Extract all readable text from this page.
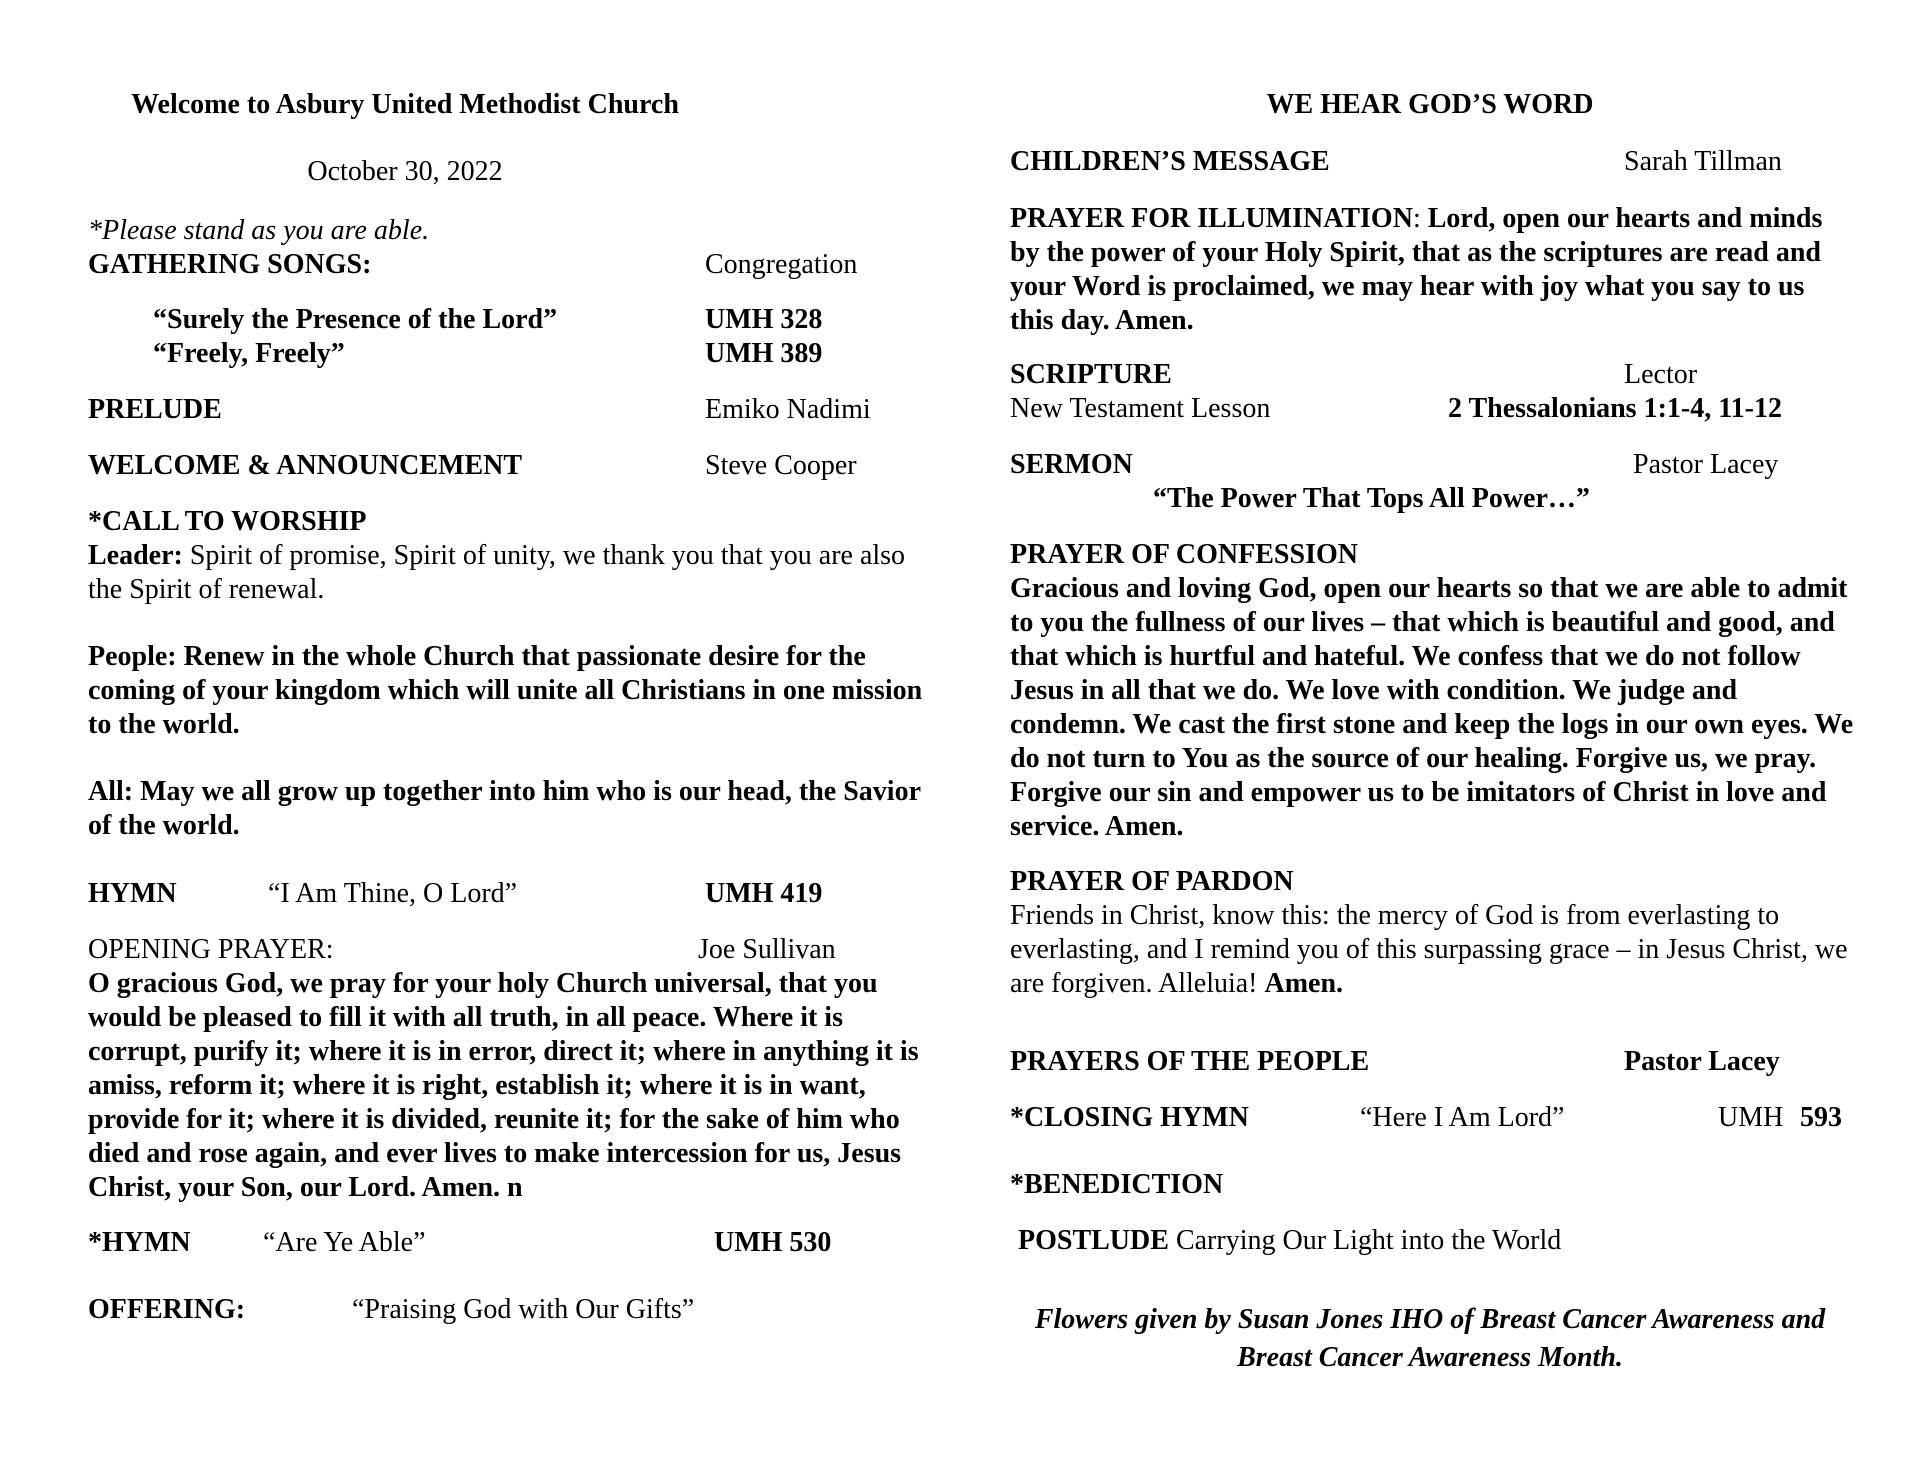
Welcome to Asbury United Methodist Church
October 30, 2022
*Please stand as you are able.
GATHERING SONGS:	Congregation
“Surely the Presence of the Lord”	UMH 328
“Freely, Freely”	UMH 389
PRELUDE	Emiko Nadimi
WELCOME & ANNOUNCEMENT	Steve Cooper
*CALL TO WORSHIP
Leader: Spirit of promise, Spirit of unity, we thank you that you are also the Spirit of renewal.
People: Renew in the whole Church that passionate desire for the coming of your kingdom which will unite all Christians in one mission to the world.
All: May we all grow up together into him who is our head, the Savior of the world.
HYMN	“I Am Thine, O Lord”	UMH 419
OPENING PRAYER:	Joe Sullivan
O gracious God, we pray for your holy Church universal, that you would be pleased to fill it with all truth, in all peace. Where it is corrupt, purify it; where it is in error, direct it; where in anything it is amiss, reform it; where it is right, establish it; where it is in want, provide for it; where it is divided, reunite it; for the sake of him who died and rose again, and ever lives to make intercession for us, Jesus Christ, your Son, our Lord. Amen. n
*HYMN	“Are Ye Able”	UMH 530
OFFERING:	“Praising God with Our Gifts”
WE HEAR GOD’S WORD
CHILDREN’S MESSAGE	Sarah Tillman
PRAYER FOR ILLUMINATION: Lord, open our hearts and minds by the power of your Holy Spirit, that as the scriptures are read and your Word is proclaimed, we may hear with joy what you say to us this day. Amen.
SCRIPTURE	Lector
New Testament Lesson	2 Thessalonians 1:1-4, 11-12
SERMON	Pastor Lacey
“The Power That Tops All Power…”
PRAYER OF CONFESSION
Gracious and loving God, open our hearts so that we are able to admit to you the fullness of our lives – that which is beautiful and good, and that which is hurtful and hateful. We confess that we do not follow Jesus in all that we do. We love with condition. We judge and condemn. We cast the first stone and keep the logs in our own eyes. We do not turn to You as the source of our healing. Forgive us, we pray. Forgive our sin and empower us to be imitators of Christ in love and service. Amen.
PRAYER OF PARDON
Friends in Christ, know this: the mercy of God is from everlasting to everlasting, and I remind you of this surpassing grace – in Jesus Christ, we are forgiven. Alleluia! Amen.
PRAYERS OF THE PEOPLE	Pastor Lacey
*CLOSING HYMN	“Here I Am Lord”	UMH 593
*BENEDICTION
POSTLUDE Carrying Our Light into the World
Flowers given by Susan Jones IHO of Breast Cancer Awareness and Breast Cancer Awareness Month.
